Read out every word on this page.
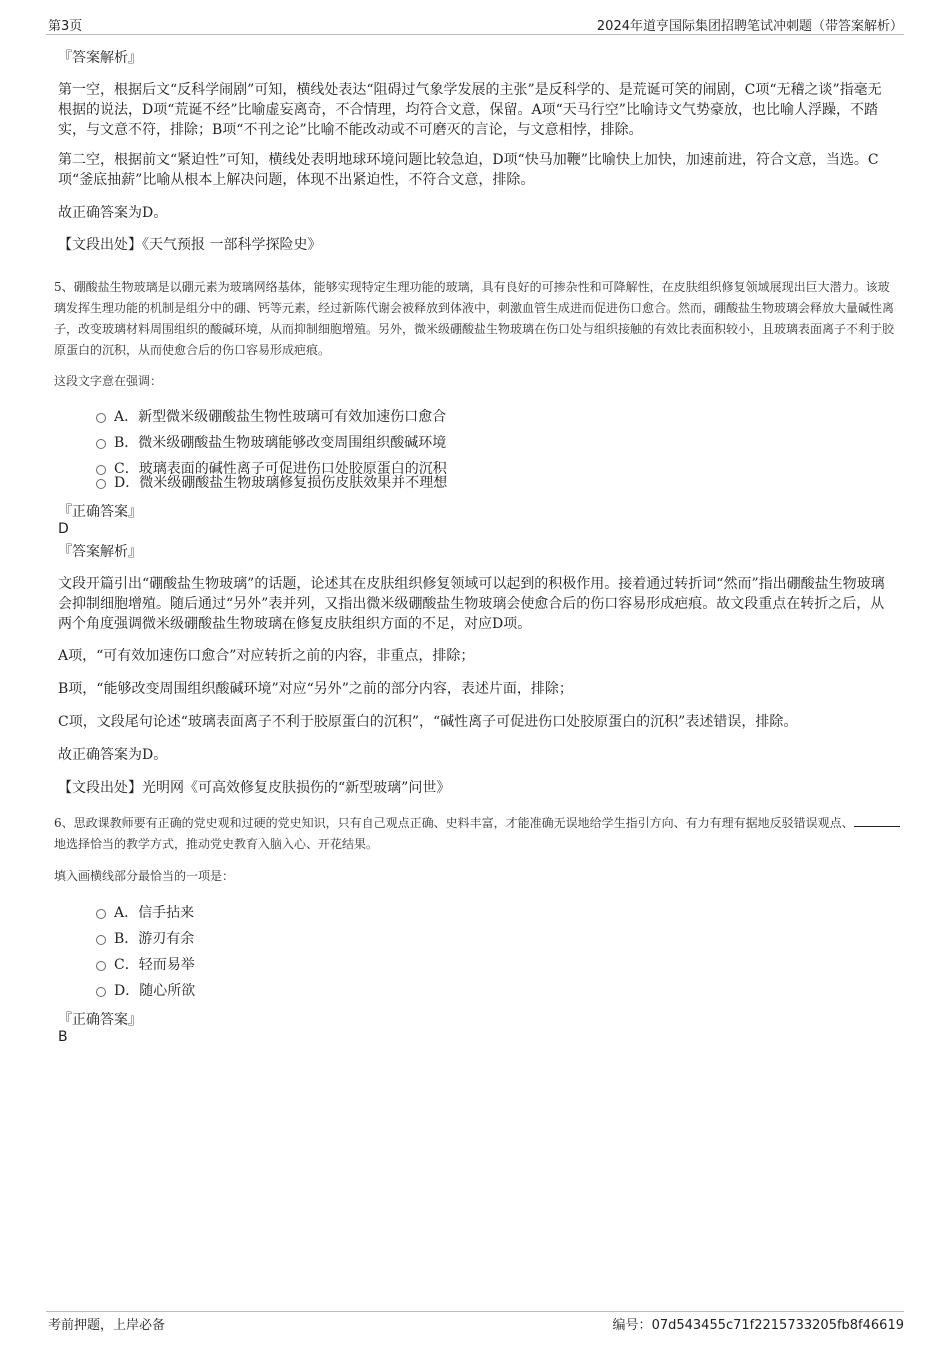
第3页	2024年道亨国际集团招聘笔试冲刺题（带答案解析）
『答案解析』
第一空，根据后文“反科学闹剧”可知，横线处表达“阻碍过气象学发展的主张”是反科学的、是荒诞可笑的闹剧，C项“无稽之谈”指毫无根据的说法，D项“荒诞不经”比喻虚妄离奇，不合情理，均符合文意，保留。A项“天马行空”比喻诗文气势豪放，也比喻人浮躁，不踏实，与文意不符，排除；B项“不刊之论”比喻不能改动或不可磨灭的言论，与文意相悖，排除。
第二空，根据前文“紧迫性”可知，横线处表明地球环境问题比较急迫，D项“快马加鞭”比喻快上加快，加速前进，符合文意，当选。C项“釜底抽薪”比喻从根本上解决问题，体现不出紧迫性，不符合文意，排除。
故正确答案为D。
【文段出处】《天气预报 一部科学探险史》
5、硼酸盐生物玻璃是以硼元素为玻璃网络基体，能够实现特定生理功能的玻璃，具有良好的可掺杂性和可降解性，在皮肤组织修复领域展现出巨大潜力。该玻璃发挥生理功能的机制是组分中的硼、钙等元素，经过新陈代谢会被释放到体液中，刺激血管生成进而促进伤口愈合。然而，硼酸盐生物玻璃会释放大量碱性离子，改变玻璃材料周围组织的酸碱环境，从而抑制细胞增殖。另外，微米级硼酸盐生物玻璃在伤口处与组织接触的有效比表面积较小，且玻璃表面离子不利于胶原蛋白的沉积，从而使愈合后的伤口容易形成疤痕。
这段文字意在强调：
A．新型微米级硼酸盐生物性玻璃可有效加速伤口愈合
B．微米级硼酸盐生物玻璃能够改变周围组织酸碱环境
C．玻璃表面的碱性离子可促进伤口处胶原蛋白的沉积
D．微米级硼酸盐生物玻璃修复损伤皮肤效果并不理想
『正确答案』
D
『答案解析』
文段开篇引出“硼酸盐生物玻璃”的话题，论述其在皮肤组织修复领域可以起到的积极作用。接着通过转折词“然而”指出硼酸盐生物玻璃会抑制细胞增殖。随后通过“另外”表并列，又指出微米级硼酸盐生物玻璃会使愈合后的伤口容易形成疤痕。故文段重点在转折之后，从两个角度强调微米级硼酸盐生物玻璃在修复皮肤组织方面的不足，对应D项。
A项，“可有效加速伤口愈合”对应转折之前的内容，非重点，排除；
B项，“能够改变周围组织酸碱环境”对应“另外”之前的部分内容，表述片面，排除；
C项，文段尾句论述“玻璃表面离子不利于胶原蛋白的沉积”，“碱性离子可促进伤口处胶原蛋白的沉积”表述错误，排除。
故正确答案为D。
【文段出处】光明网《可高效修复皮肤损伤的“新型玻璃”问世》
6、思政课教师要有正确的党史观和过硬的党史知识，只有自己观点正确、史料丰富，才能准确无误地给学生指引方向、有力有理有据地反驳错误观点、地选择恰当的教学方式，推动党史教育入脑入心、开花结果。
填入画横线部分最恰当的一项是：
A．信手拈来
B．游刃有余
C．轻而易举
D．随心所欲
『正确答案』
B
考前押题，上岸必备	编号：07d543455c71f2215733205fb8f46619
